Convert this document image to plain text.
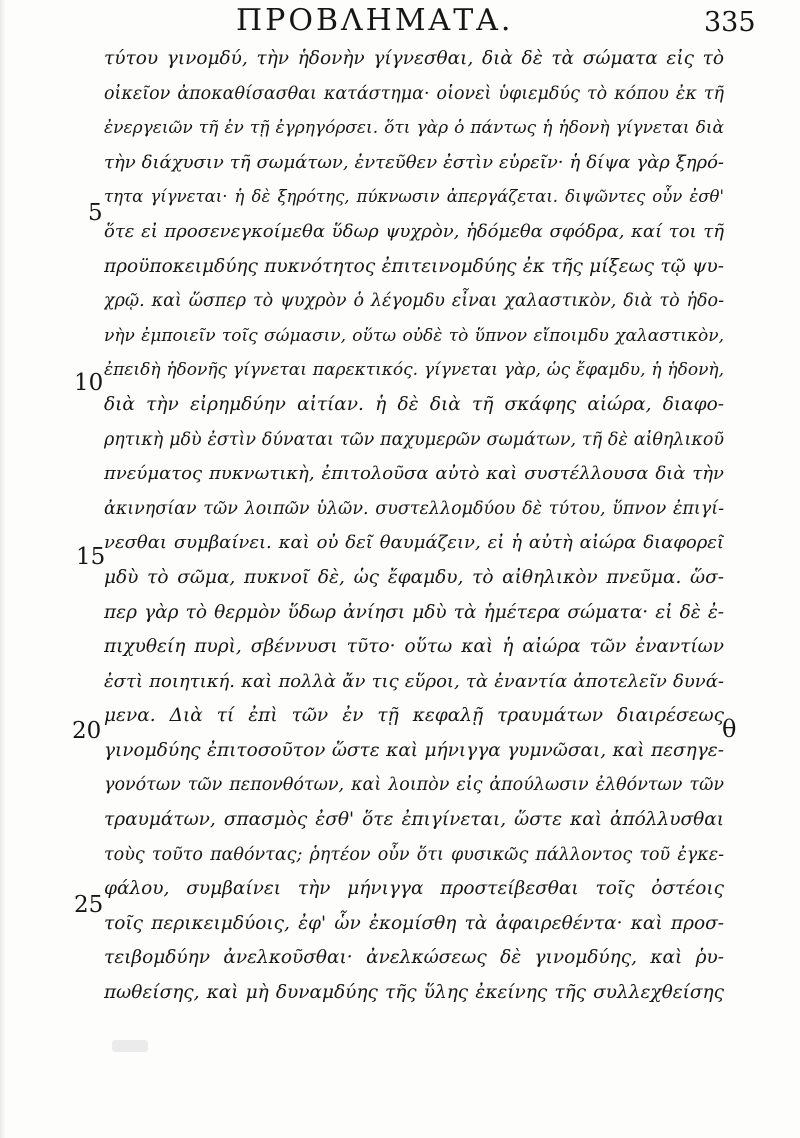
ΠΡΟΒΛΗΜΑΤΑ.	335
τύτου γινομδύ, τὴν ἡδονὴν γίγνεσθαι, διὰ δὲ τὰ σώματα εἰς τὸ
οἰκεῖον ἀποκαθίσασθαι κατάστημα· οἱονεὶ ὑφιεμδύς τὸ κόπου ἐκ τῆ
ἐνεργειῶν τῆ ἐν τῇ ἐγρηγόρσει. ὅτι γὰρ ὁ πάντως ἡ ἡδονὴ γίγνεται διὰ
τὴν διάχυσιν τῆ σωμάτων, ἐντεῦθεν ἐστὶν εὑρεῖν· ἡ δίψα γὰρ ξηρό-
τητα γίγνεται· ἡ δὲ ξηρότης, πύκνωσιν ἀπεργάζεται. διψῶντες οὖν ἐσθ'
ὅτε εἰ προσενεγκοίμεθα ὕδωρ ψυχρὸν, ἡδόμεθα σφόδρα, καί τοι τῆ
προϋποκειμδύης πυκνότητος ἐπιτεινομδύης ἐκ τῆς μίξεως τῷ ψυ-
χρῷ. καὶ ὥσπερ τὸ ψυχρὸν ὁ λέγομδυ εἶναι χαλαστικὸν, διὰ τὸ ἡδο-
νὴν ἐμποιεῖν τοῖς σώμασιν, οὕτω οὐδὲ τὸ ὕπνον εἴποιμδυ χαλαστικὸν,
ἐπειδὴ ἡδονῆς γίγνεται παρεκτικός. γίγνεται γὰρ, ὡς ἔφαμδυ, ἡ ἡδονὴ,
διὰ τὴν εἰρημδύην αἰτίαν. ἡ δὲ διὰ τῆ σκάφης αἰώρα, διαφο-
ρητικὴ μδὺ ἐστὶν δύναται τῶν παχυμερῶν σωμάτων, τῆ δὲ αἰθηλικοῦ
πνεύματος πυκνωτικὴ, ἐπιτολοῦσα αὐτὸ καὶ συστέλλουσα διὰ τὴν
ἀκινησίαν τῶν λοιπῶν ὑλῶν. συστελλομδύου δὲ τύτου, ὕπνον ἐπιγί-
νεσθαι συμβαίνει. καὶ οὐ δεῖ θαυμάζειν, εἰ ἡ αὐτὴ αἰώρα διαφορεῖ
μδὺ τὸ σῶμα, πυκνοῖ δὲ, ὡς ἔφαμδυ, τὸ αἰθηλικὸν πνεῦμα. ὥσ-
περ γὰρ τὸ θερμὸν ὕδωρ ἀνίησι μδὺ τὰ ἡμέτερα σώματα· εἰ δὲ ἐ-
πιχυθείη πυρὶ, σβέννυσι τῦτο· οὕτω καὶ ἡ αἰώρα τῶν ἐναντίων
ἐστὶ ποιητική. καὶ πολλὰ ἄν τις εὕροι, τὰ ἐναντία ἀποτελεῖν δυνά-
μενα. Διὰ τί ἐπὶ τῶν ἐν τῇ κεφαλῇ τραυμάτων διαιρέσεως
γινομδύης ἐπιτοσοῦτον ὥστε καὶ μήνιγγα γυμνῶσαι, καὶ πεσηγε-
γονότων τῶν πεπονθότων, καὶ λοιπὸν εἰς ἀπούλωσιν ἐλθόντων τῶν
τραυμάτων, σπασμὸς ἐσθ' ὅτε ἐπιγίνεται, ὥστε καὶ ἀπόλλυσθαι
τοὺς τοῦτο παθόντας; ῥητέον οὖν ὅτι φυσικῶς πάλλοντος τοῦ ἐγκε-
φάλου, συμβαίνει τὴν μήνιγγα προστείβεσθαι τοῖς ὀστέοις
τοῖς περικειμδύοις, ἐφ' ὧν ἐκομίσθη τὰ ἀφαιρεθέντα· καὶ προσ-
τειβομδύην ἀνελκοῦσθαι· ἀνελκώσεως δὲ γινομδύης, καὶ ῥυ-
πωθείσης, καὶ μὴ δυναμδύης τῆς ὕλης ἐκείνης τῆς συλλεχθείσης
5
10
15
20
25
θ
